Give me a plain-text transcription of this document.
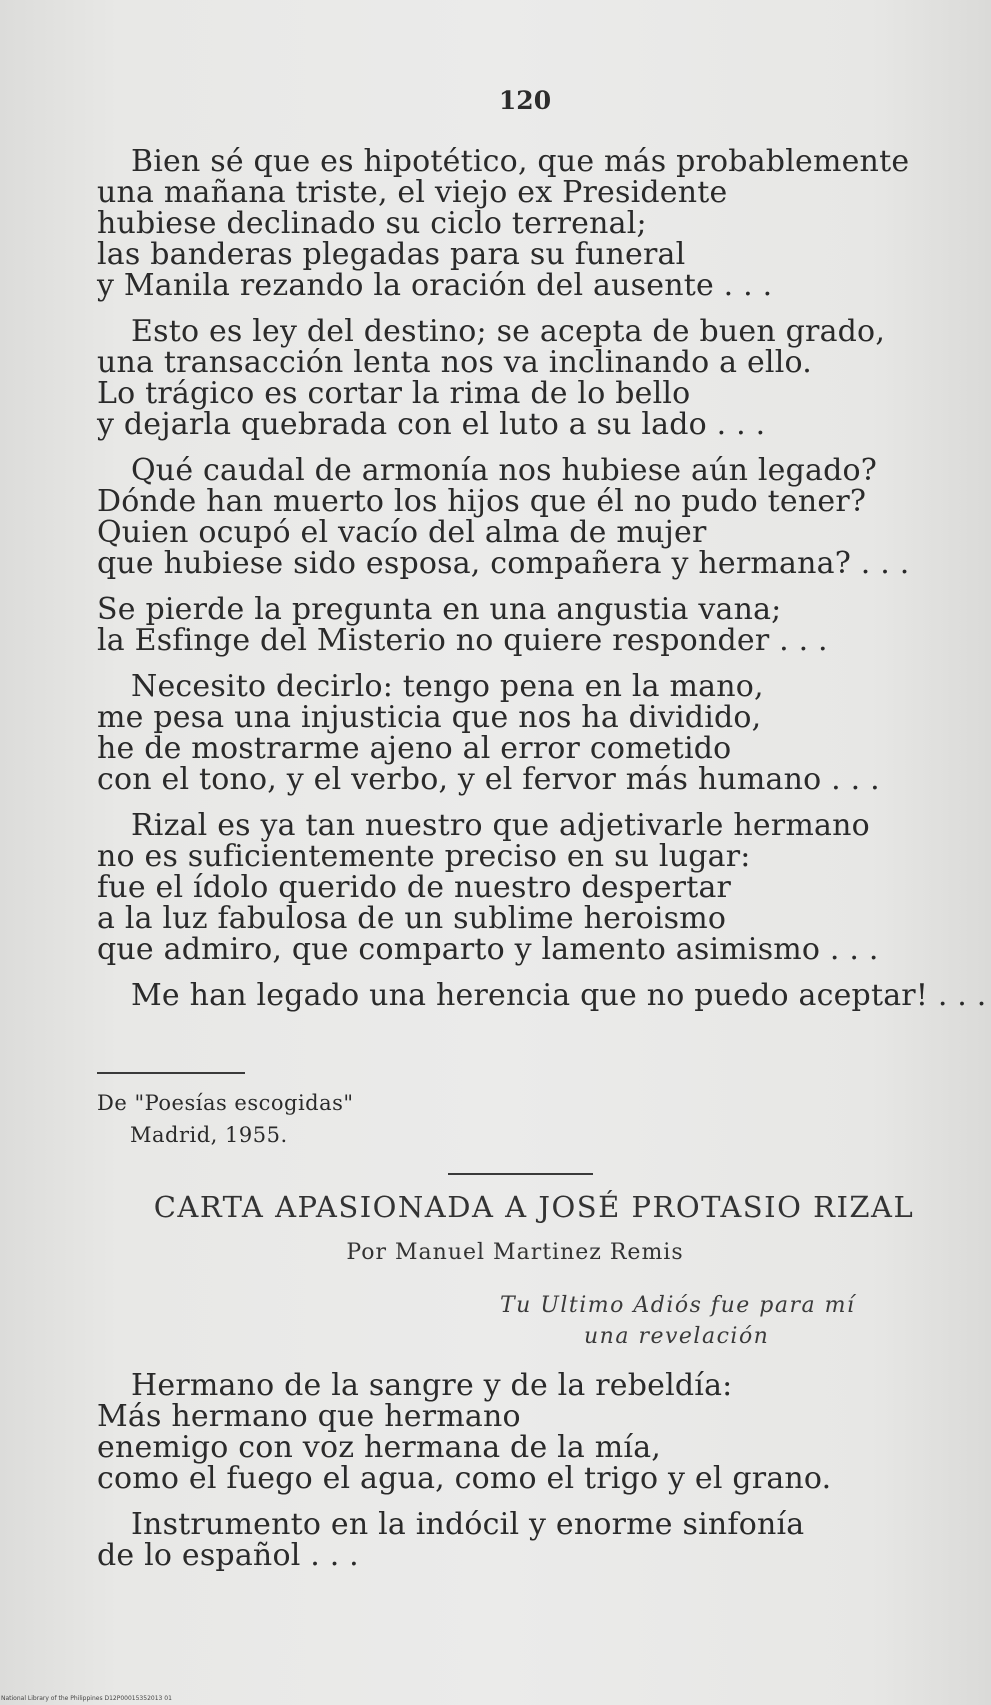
120
Bien sé que es hipotético, que más probablemente
una mañana triste, el viejo ex Presidente
hubiese declinado su ciclo terrenal;
las banderas plegadas para su funeral
y Manila rezando la oración del ausente . . .
Esto es ley del destino; se acepta de buen grado,
una transacción lenta nos va inclinando a ello.
Lo trágico es cortar la rima de lo bello
y dejarla quebrada con el luto a su lado . . .
Qué caudal de armonía nos hubiese aún legado?
Dónde han muerto los hijos que él no pudo tener?
Quien ocupó el vacío del alma de mujer
que hubiese sido esposa, compañera y hermana? . . .
Se pierde la pregunta en una angustia vana;
la Esfinge del Misterio no quiere responder . . .
Necesito decirlo: tengo pena en la mano,
me pesa una injusticia que nos ha dividido,
he de mostrarme ajeno al error cometido
con el tono, y el verbo, y el fervor más humano . . .
Rizal es ya tan nuestro que adjetivarle hermano
no es suficientemente preciso en su lugar:
fue el ídolo querido de nuestro despertar
a la luz fabulosa de un sublime heroismo
que admiro, que comparto y lamento asimismo . . .
Me han legado una herencia que no puedo aceptar! . . .
De "Poesías escogidas"
Madrid, 1955.
CARTA APASIONADA A JOSÉ PROTASIO RIZAL
Por Manuel Martinez Remis
Tu Ultimo Adiós fue para mí
una revelación
Hermano de la sangre y de la rebeldía:
Más hermano que hermano
enemigo con voz hermana de la mía,
como el fuego el agua, como el trigo y el grano.
Instrumento en la indócil y enorme sinfonía
de lo español . . .
National Library of the Philippines D12P00015352013 01
